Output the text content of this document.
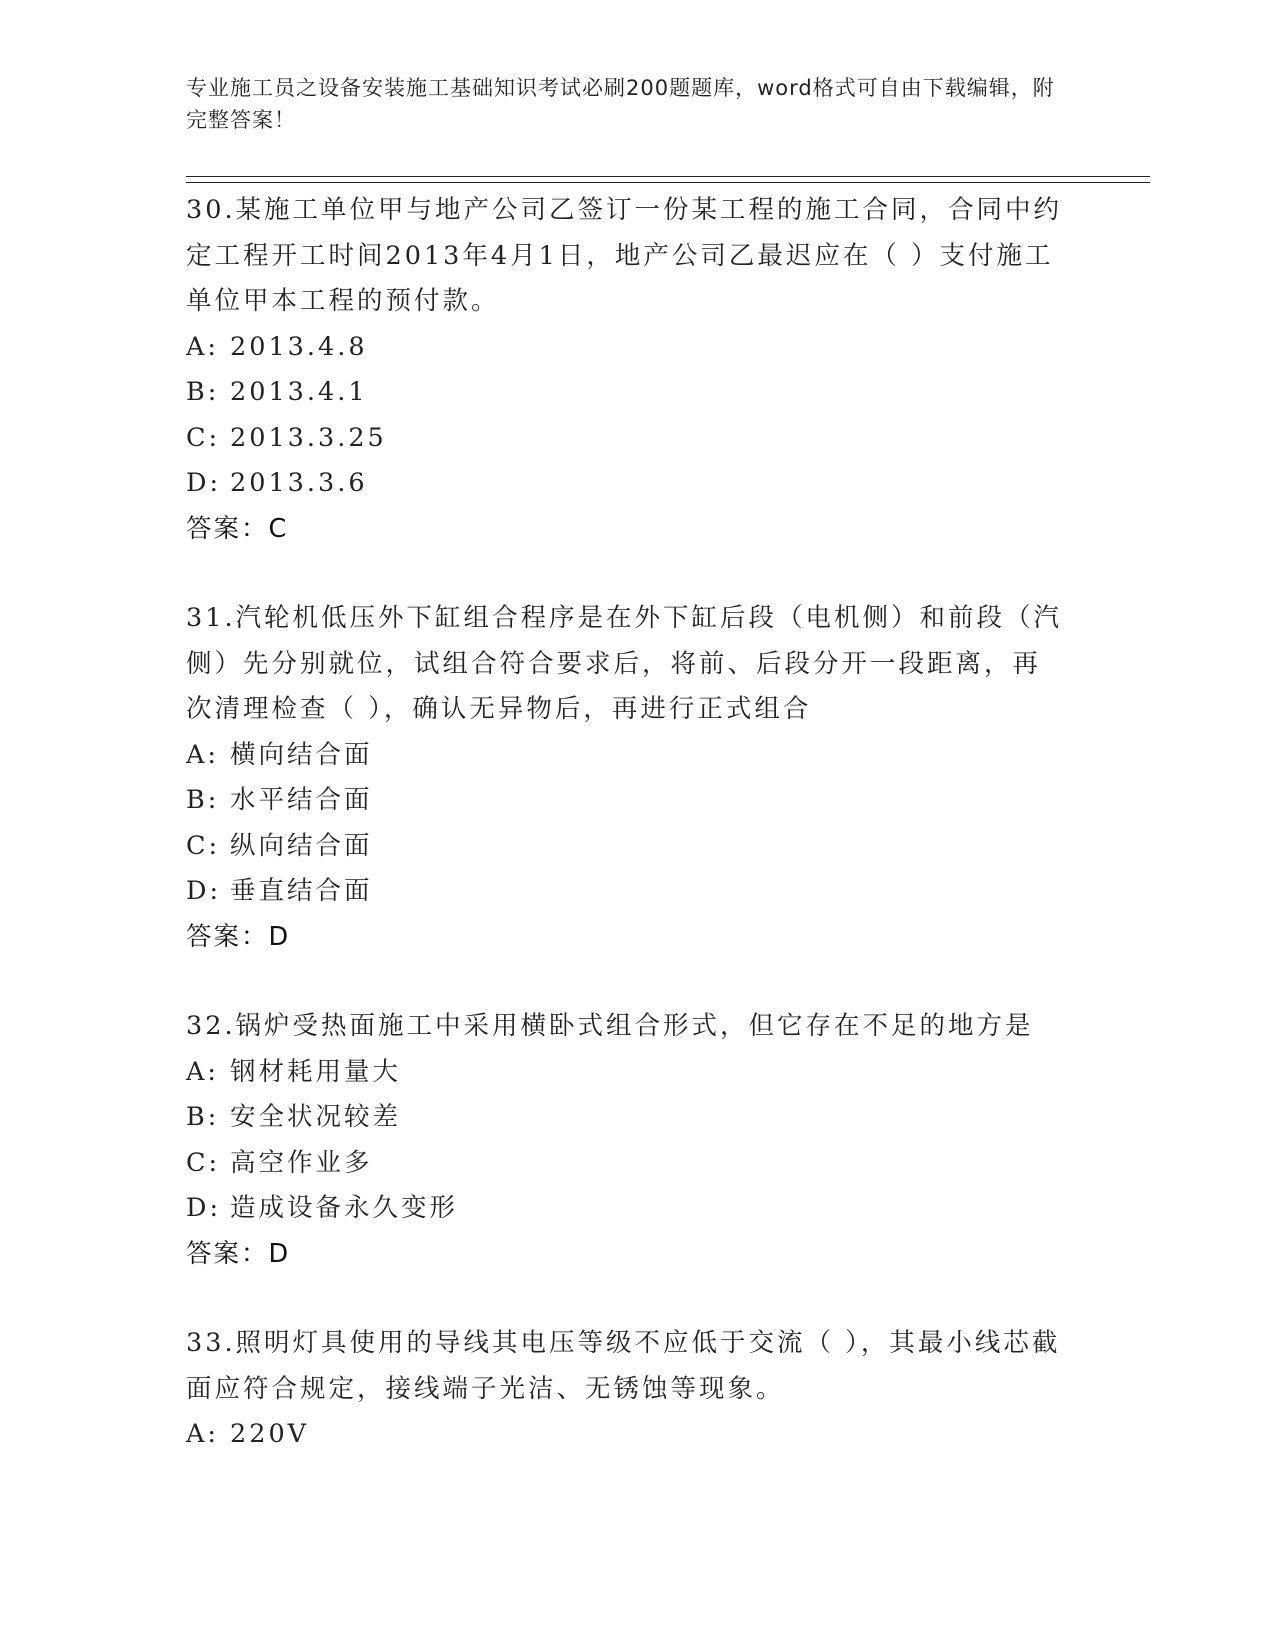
专业施工员之设备安装施工基础知识考试必刷200题题库，word格式可自由下载编辑，附完整答案！

30.某施工单位甲与地产公司乙签订一份某工程的施工合同，合同中约定工程开工时间2013年4月1日，地产公司乙最迟应在（ ）支付施工单位甲本工程的预付款。

A: 2013.4.8

B: 2013.4.1

C: 2013.3.25

D: 2013.3.6

答案：C

31.汽轮机低压外下缸组合程序是在外下缸后段（电机侧）和前段（汽侧）先分别就位，试组合符合要求后，将前、后段分开一段距离，再次清理检查（ ），确认无异物后，再进行正式组合

A: 横向结合面

B: 水平结合面

C: 纵向结合面

D: 垂直结合面

答案：D

32.锅炉受热面施工中采用横卧式组合形式，但它存在不足的地方是

A: 钢材耗用量大

B: 安全状况较差

C: 高空作业多

D: 造成设备永久变形

答案：D

33.照明灯具使用的导线其电压等级不应低于交流（ ），其最小线芯截面应符合规定，接线端子光洁、无锈蚀等现象。

A: 220V
